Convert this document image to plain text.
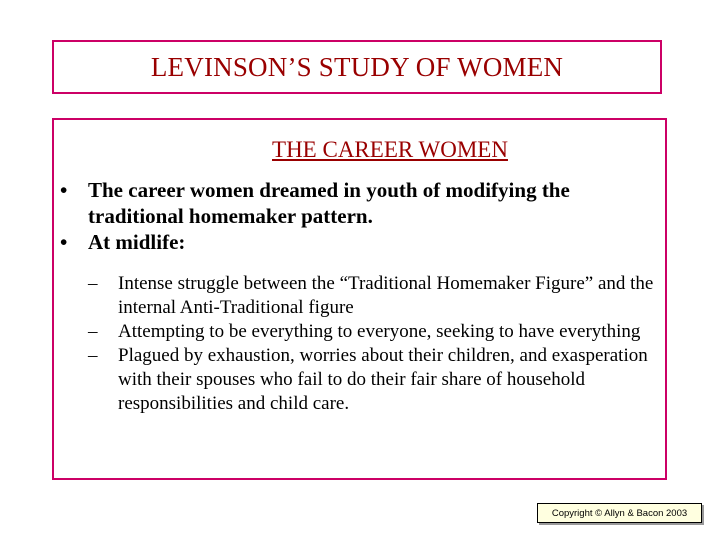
LEVINSON’S STUDY OF WOMEN
THE CAREER WOMEN
• The career women dreamed in youth of modifying the traditional homemaker pattern.
• At midlife:
– Intense struggle between the “Traditional Homemaker Figure” and the internal Anti-Traditional figure
– Attempting to be everything to everyone, seeking to have everything
– Plagued by exhaustion, worries about their children, and exasperation with their spouses who fail to do their fair share of household responsibilities and child care.
Copyright © Allyn & Bacon 2003
